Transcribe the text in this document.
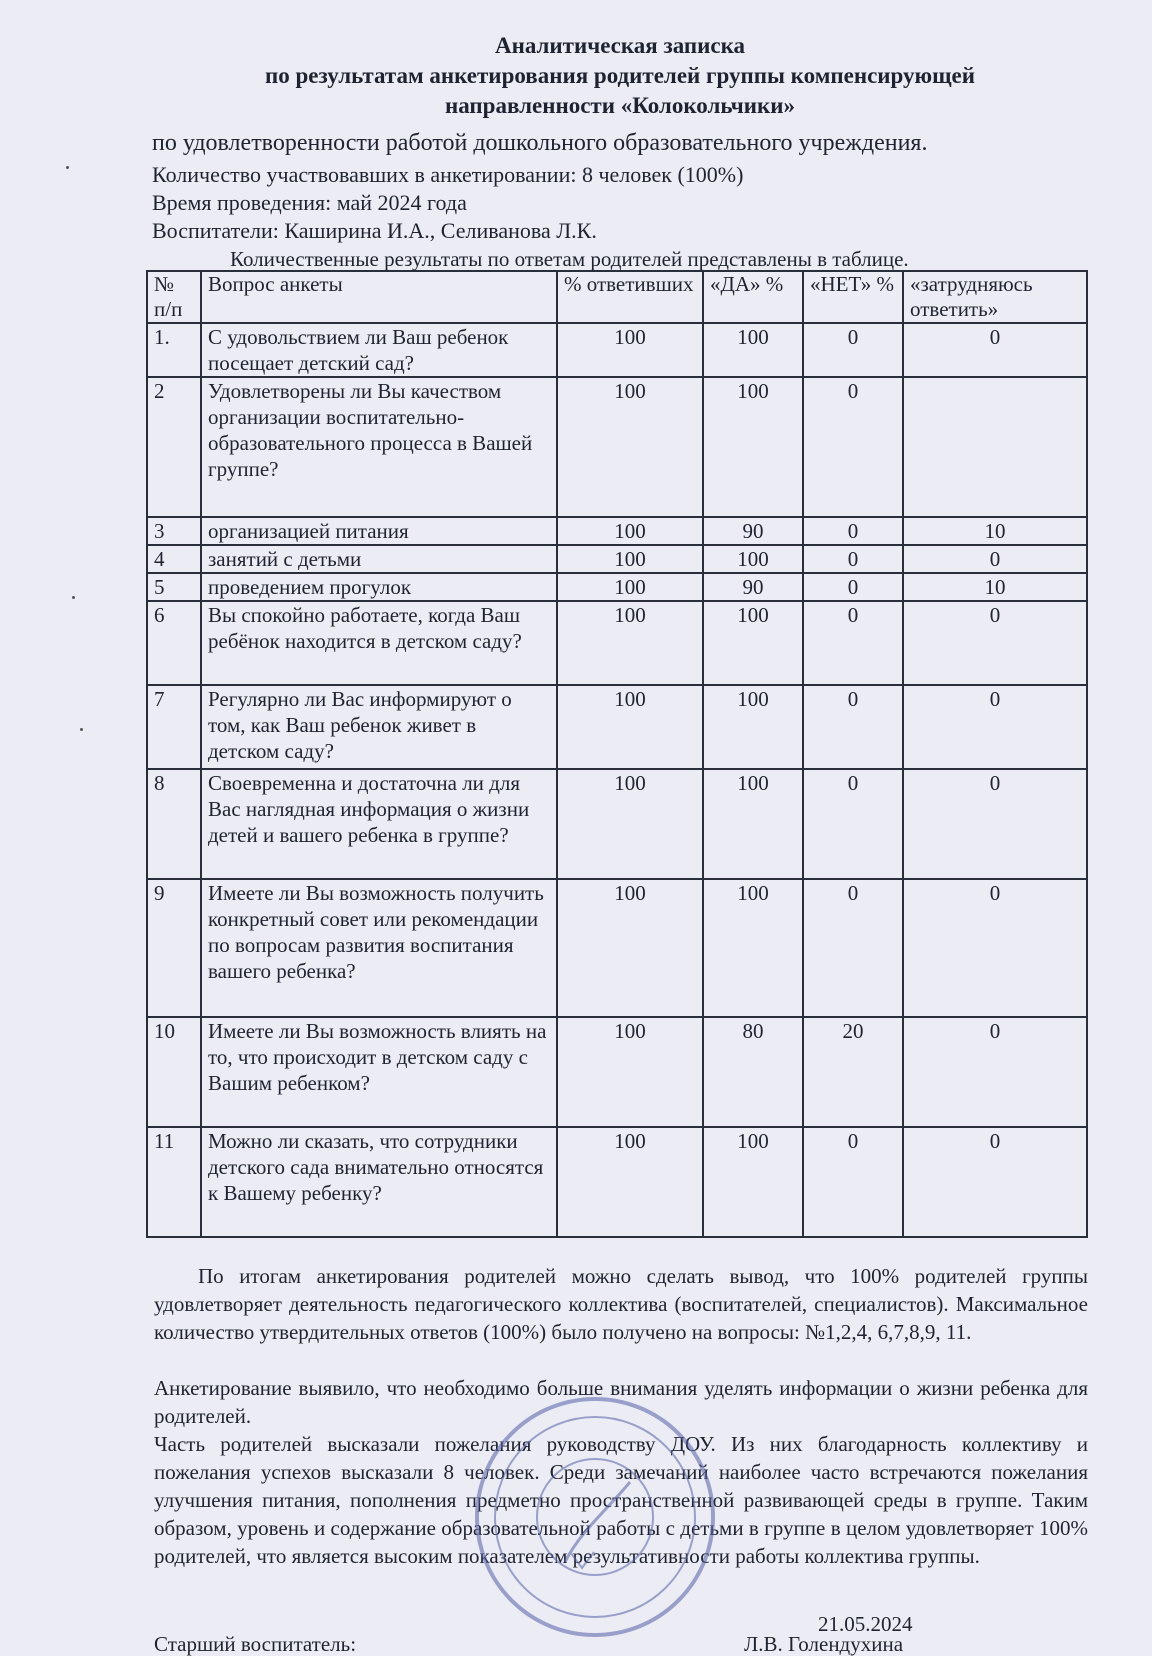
Аналитическая записка
по результатам анкетирования родителей группы компенсирующей
направленности «Колокольчики»
по удовлетворенности работой дошкольного образовательного учреждения.
Количество участвовавших в анкетировании: 8 человек (100%)
Время проведения: май 2024 года
Воспитатели: Каширина И.А., Селиванова Л.К.
Количественные результаты по ответам родителей представлены в таблице.
№ п/п	Вопрос анкеты	% ответивших	«ДА» %	«НЕТ» %	«затрудняюсь ответить»
1.	С удовольствием ли Ваш ребенок посещает детский сад?	100	100	0	0
2	Удовлетворены ли Вы качеством организации воспитательно-образовательного процесса в Вашей группе?	100	100	0	
3	организацией питания	100	90	0	10
4	занятий с детьми	100	100	0	0
5	проведением прогулок	100	90	0	10
6	Вы спокойно работаете, когда Ваш ребёнок находится в детском саду?	100	100	0	0
7	Регулярно ли Вас информируют о том, как Ваш ребенок живет в детском саду?	100	100	0	0
8	Своевременна и достаточна ли для Вас наглядная информация о жизни детей и вашего ребенка в группе?	100	100	0	0
9	Имеете ли Вы возможность получить конкретный совет или рекомендации по вопросам развития воспитания вашего ребенка?	100	100	0	0
10	Имеете ли Вы возможность влиять на то, что происходит в детском саду с Вашим ребенком?	100	80	20	0
11	Можно ли сказать, что сотрудники детского сада внимательно относятся к Вашему ребенку?	100	100	0	0
По итогам анкетирования родителей можно сделать вывод, что 100% родителей группы удовлетворяет деятельность педагогического коллектива (воспитателей, специалистов). Максимальное количество утвердительных ответов (100%) было получено на вопросы: №1,2,4, 6,7,8,9, 11.
Анкетирование выявило, что необходимо больше внимания уделять информации о жизни ребенка для родителей.
Часть родителей высказали пожелания руководству ДОУ. Из них благодарность коллективу и пожелания успехов высказали 8 человек. Среди замечаний наиболее часто встречаются пожелания улучшения питания, пополнения предметно пространственной развивающей среды в группе. Таким образом, уровень и содержание образовательной работы с детьми в группе в целом удовлетворяет 100% родителей, что является высоким показателем результативности работы коллектива группы.
21.05.2024
Старший воспитатель:	Л.В. Голендухина
